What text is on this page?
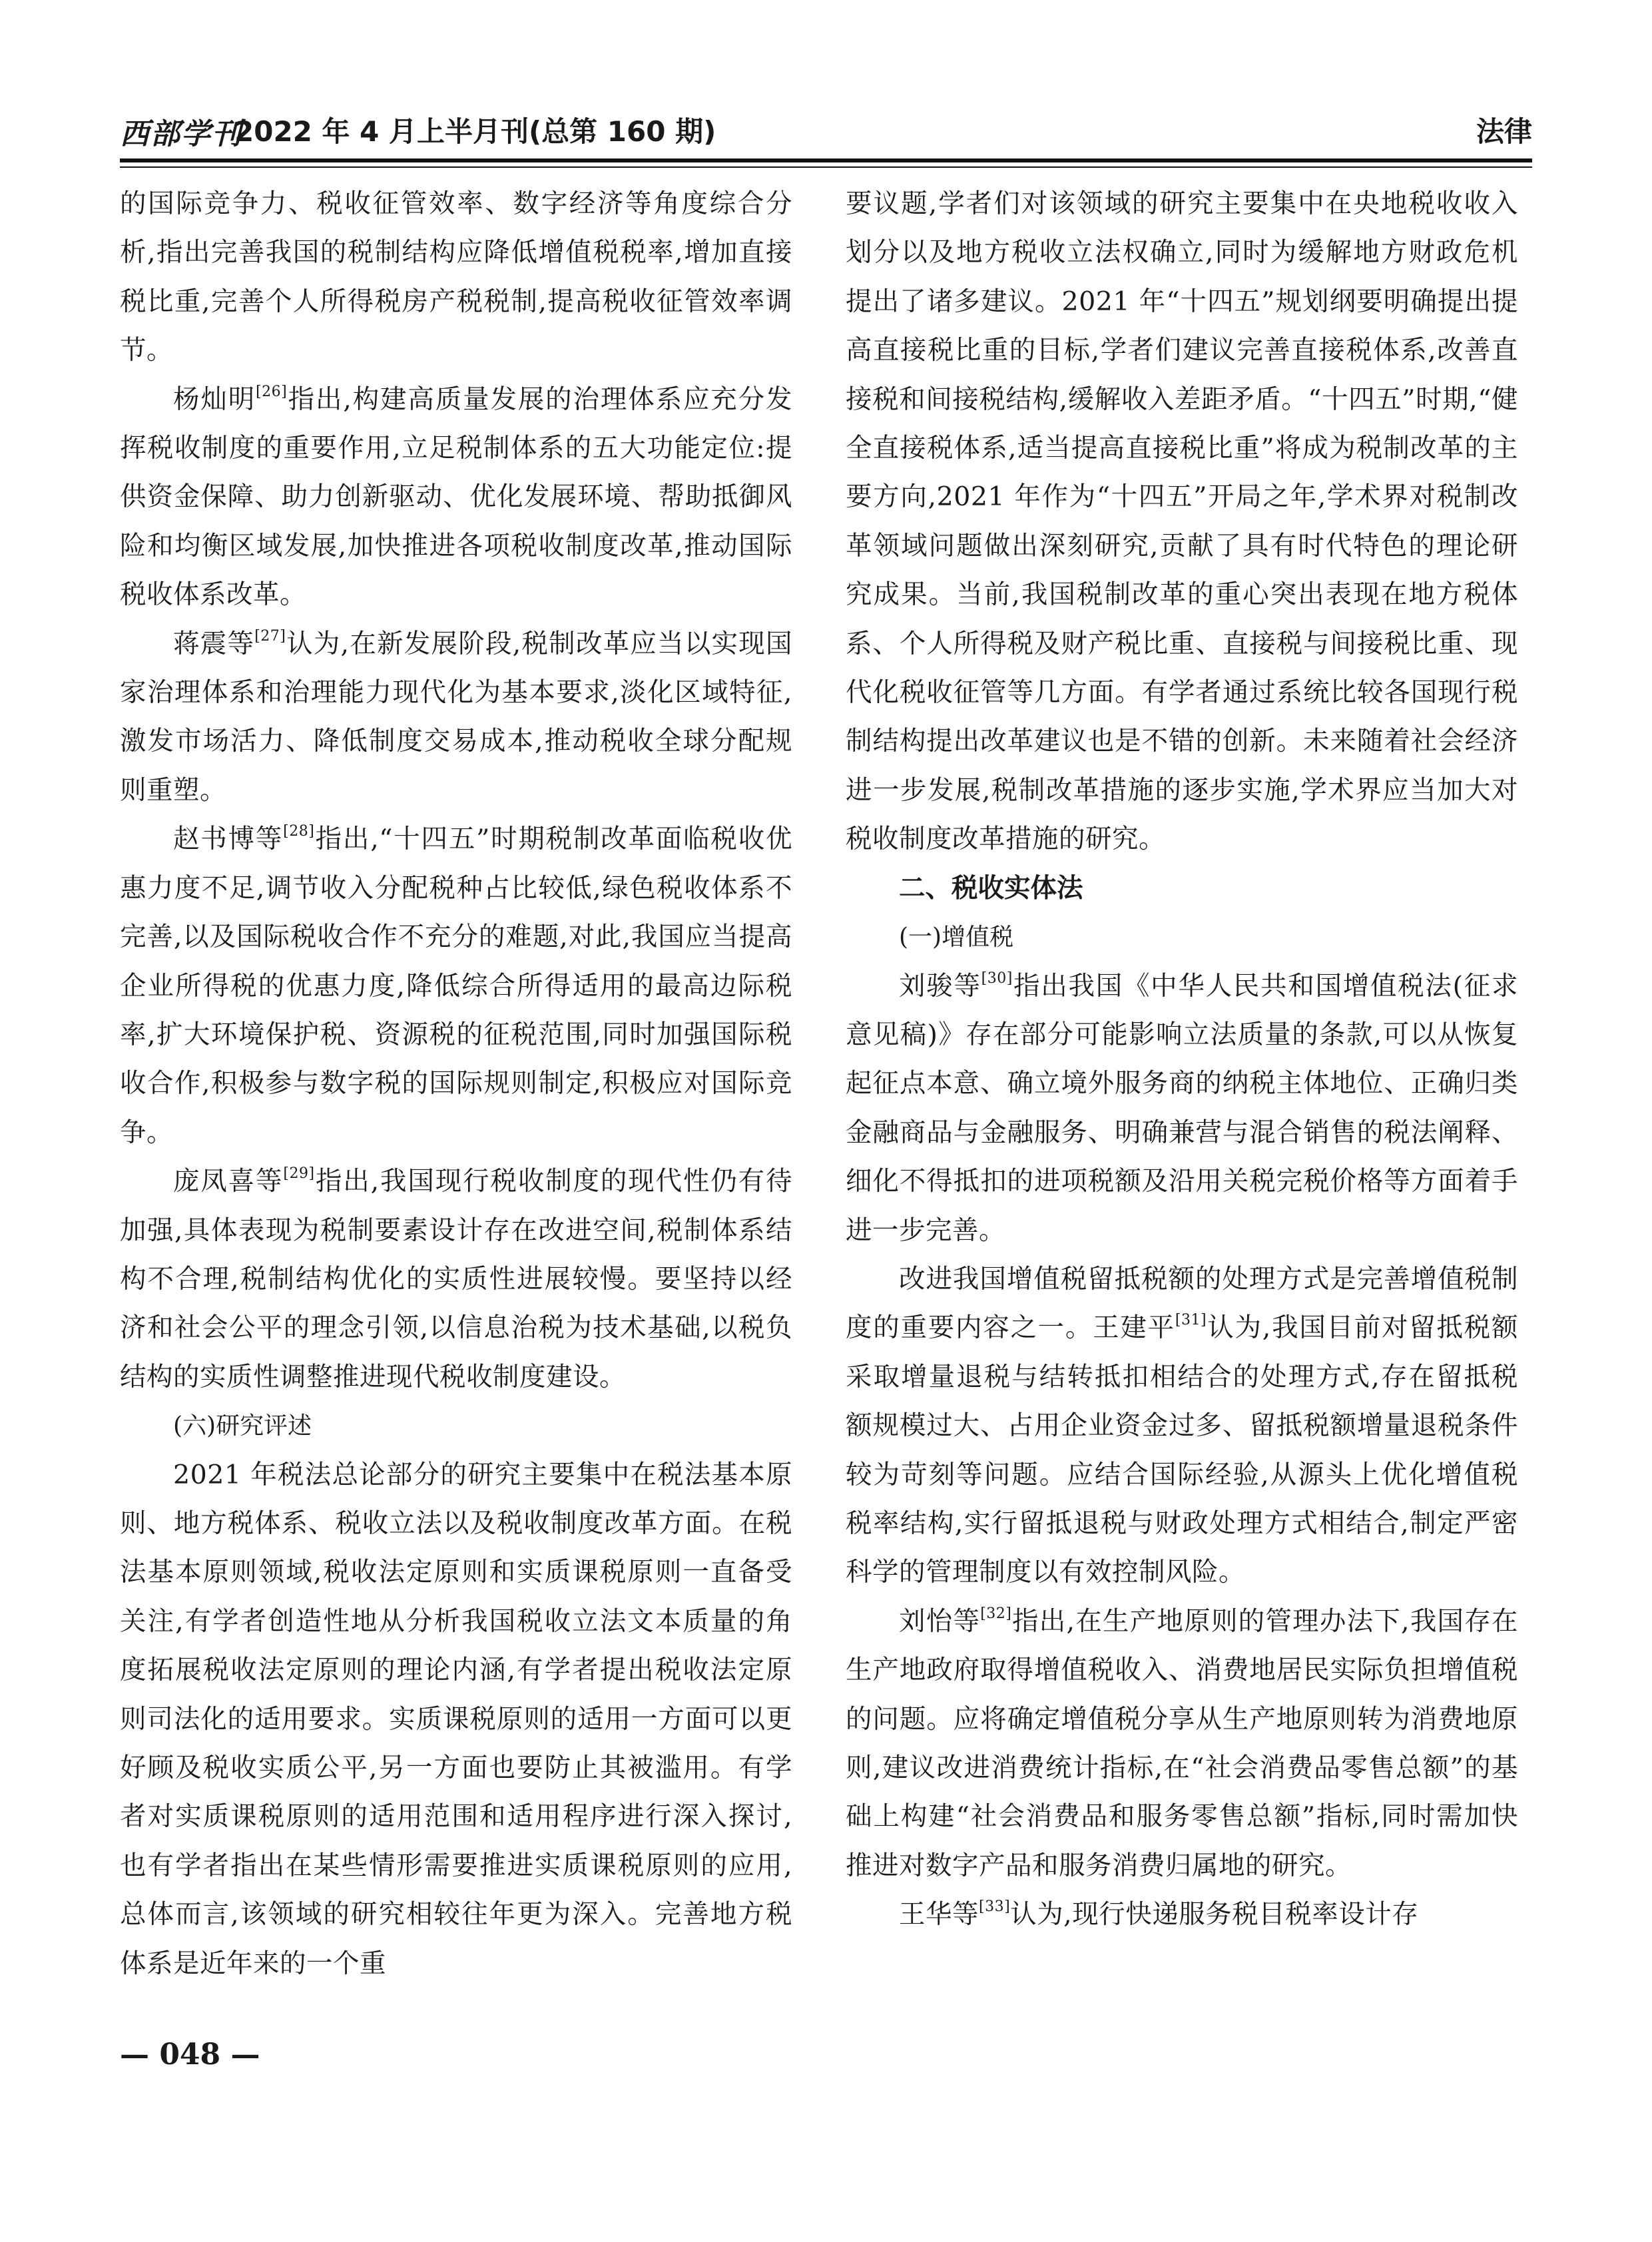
西部学刊
2022 年 4 月上半月刊(总第 160 期)	法律

的国际竞争力、税收征管效率、数字经济等角度综合分析,指出完善我国的税制结构应降低增值税税率,增加直接税比重,完善个人所得税房产税税制,提高税收征管效率调节。

杨灿明[26]指出,构建高质量发展的治理体系应充分发挥税收制度的重要作用,立足税制体系的五大功能定位:提供资金保障、助力创新驱动、优化发展环境、帮助抵御风险和均衡区域发展,加快推进各项税收制度改革,推动国际税收体系改革。

蒋震等[27]认为,在新发展阶段,税制改革应当以实现国家治理体系和治理能力现代化为基本要求,淡化区域特征,激发市场活力、降低制度交易成本,推动税收全球分配规则重塑。

赵书博等[28]指出,“十四五”时期税制改革面临税收优惠力度不足,调节收入分配税种占比较低,绿色税收体系不完善,以及国际税收合作不充分的难题,对此,我国应当提高企业所得税的优惠力度,降低综合所得适用的最高边际税率,扩大环境保护税、资源税的征税范围,同时加强国际税收合作,积极参与数字税的国际规则制定,积极应对国际竞争。

庞凤喜等[29]指出,我国现行税收制度的现代性仍有待加强,具体表现为税制要素设计存在改进空间,税制体系结构不合理,税制结构优化的实质性进展较慢。要坚持以经济和社会公平的理念引领,以信息治税为技术基础,以税负结构的实质性调整推进现代税收制度建设。

(六)研究评述

2021 年税法总论部分的研究主要集中在税法基本原则、地方税体系、税收立法以及税收制度改革方面。在税法基本原则领域,税收法定原则和实质课税原则一直备受关注,有学者创造性地从分析我国税收立法文本质量的角度拓展税收法定原则的理论内涵,有学者提出税收法定原则司法化的适用要求。实质课税原则的适用一方面可以更好顾及税收实质公平,另一方面也要防止其被滥用。有学者对实质课税原则的适用范围和适用程序进行深入探讨,也有学者指出在某些情形需要推进实质课税原则的应用,总体而言,该领域的研究相较往年更为深入。完善地方税体系是近年来的一个重

要议题,学者们对该领域的研究主要集中在央地税收收入划分以及地方税收立法权确立,同时为缓解地方财政危机提出了诸多建议。2021 年“十四五”规划纲要明确提出提高直接税比重的目标,学者们建议完善直接税体系,改善直接税和间接税结构,缓解收入差距矛盾。“十四五”时期,“健全直接税体系,适当提高直接税比重”将成为税制改革的主要方向,2021 年作为“十四五”开局之年,学术界对税制改革领域问题做出深刻研究,贡献了具有时代特色的理论研究成果。当前,我国税制改革的重心突出表现在地方税体系、个人所得税及财产税比重、直接税与间接税比重、现代化税收征管等几方面。有学者通过系统比较各国现行税制结构提出改革建议也是不错的创新。未来随着社会经济进一步发展,税制改革措施的逐步实施,学术界应当加大对税收制度改革措施的研究。

二、税收实体法

(一)增值税

刘骏等[30]指出我国《中华人民共和国增值税法(征求意见稿)》存在部分可能影响立法质量的条款,可以从恢复起征点本意、确立境外服务商的纳税主体地位、正确归类金融商品与金融服务、明确兼营与混合销售的税法阐释、细化不得抵扣的进项税额及沿用关税完税价格等方面着手进一步完善。

改进我国增值税留抵税额的处理方式是完善增值税制度的重要内容之一。王建平[31]认为,我国目前对留抵税额采取增量退税与结转抵扣相结合的处理方式,存在留抵税额规模过大、占用企业资金过多、留抵税额增量退税条件较为苛刻等问题。应结合国际经验,从源头上优化增值税税率结构,实行留抵退税与财政处理方式相结合,制定严密科学的管理制度以有效控制风险。

刘怡等[32]指出,在生产地原则的管理办法下,我国存在生产地政府取得增值税收入、消费地居民实际负担增值税的问题。应将确定增值税分享从生产地原则转为消费地原则,建议改进消费统计指标,在“社会消费品零售总额”的基础上构建“社会消费品和服务零售总额”指标,同时需加快推进对数字产品和服务消费归属地的研究。

王华等[33]认为,现行快递服务税目税率设计存

— 048 —
